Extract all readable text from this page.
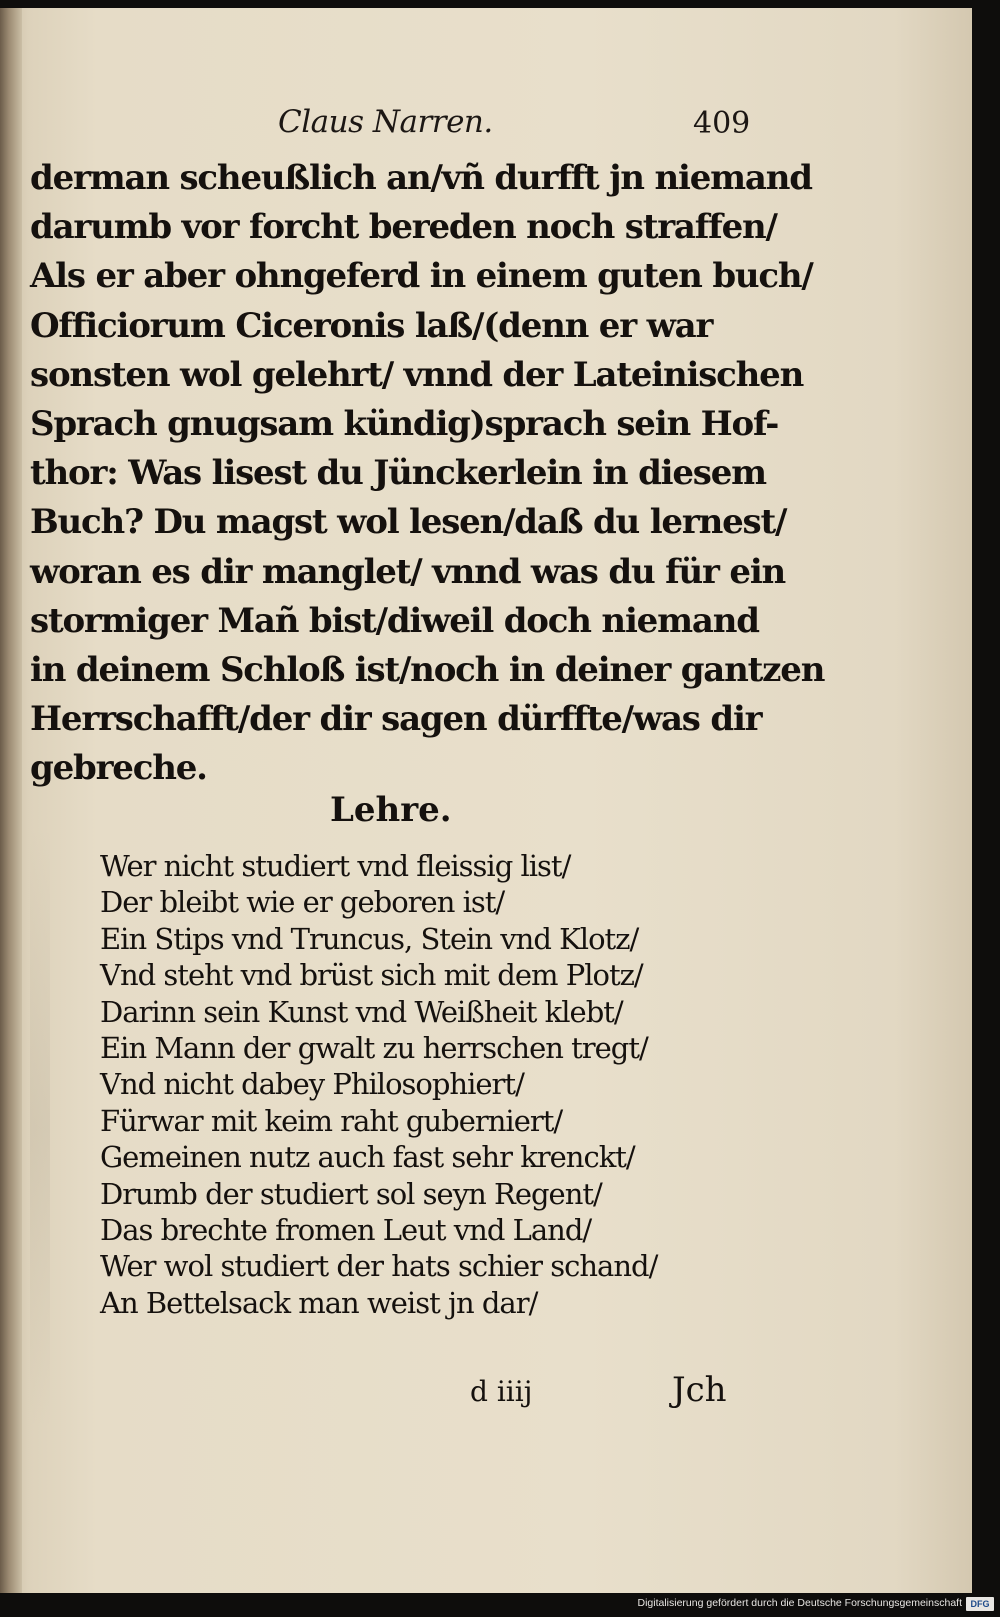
Claus Narren.	409
derman scheußlich an/vñ durfft jn niemand
darumb vor forcht bereden noch straffen/
Als er aber ohngeferd in einem guten buch/
Officiorum Ciceronis laß/(denn er war
sonsten wol gelehrt/ vnnd der Lateinischen
Sprach gnugsam kündig)sprach sein Hof-
thor: Was lisest du Jünckerlein in diesem
Buch? Du magst wol lesen/daß du lernest/
woran es dir manglet/ vnnd was du für ein
stormiger Mañ bist/diweil doch niemand
in deinem Schloß ist/noch in deiner gantzen
Herrschafft/der dir sagen dürffte/was dir
gebreche.
Lehre.
Wer nicht studiert vnd fleissig list/
Der bleibt wie er geboren ist/
Ein Stips vnd Truncus, Stein vnd Klotz/
Vnd steht vnd brüst sich mit dem Plotz/
Darinn sein Kunst vnd Weißheit klebt/
Ein Mann der gwalt zu herrschen tregt/
Vnd nicht dabey Philosophiert/
Fürwar mit keim raht guberniert/
Gemeinen nutz auch fast sehr krenckt/
Drumb der studiert sol seyn Regent/
Das brechte fromen Leut vnd Land/
Wer wol studiert der hats schier schand/
An Bettelsack man weist jn dar/
d iiij	Jch
Digitalisierung gefördert durch die Deutsche Forschungsgemeinschaft DFG
